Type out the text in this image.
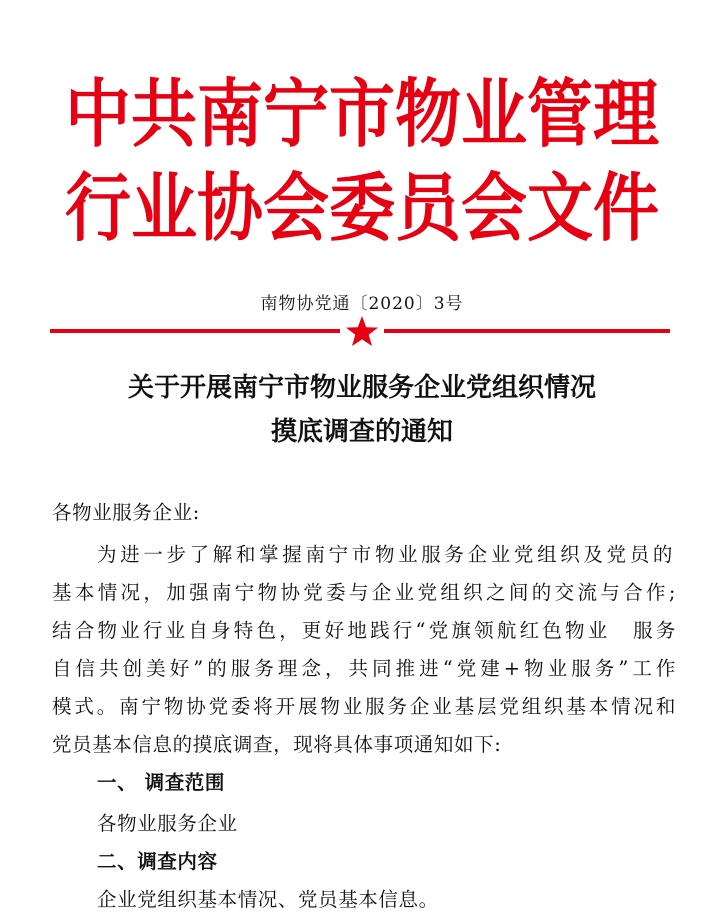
中共南宁市物业管理
行业协会委员会文件
南物协党通〔2020〕3号
关于开展南宁市物业服务企业党组织情况
摸底调查的通知
各物业服务企业:
为进一步了解和掌握南宁市物业服务企业党组织及党员的
基本情况，加强南宁物协党委与企业党组织之间的交流与合作;
结合物业行业自身特色，更好地践行“党旗领航红色物业　服务
自信共创美好”的服务理念，共同推进“党建+物业服务”工作
模式。南宁物协党委将开展物业服务企业基层党组织基本情况和
党员基本信息的摸底调查，现将具体事项通知如下:
一、 调查范围
各物业服务企业
二、调查内容
企业党组织基本情况、党员基本信息。
